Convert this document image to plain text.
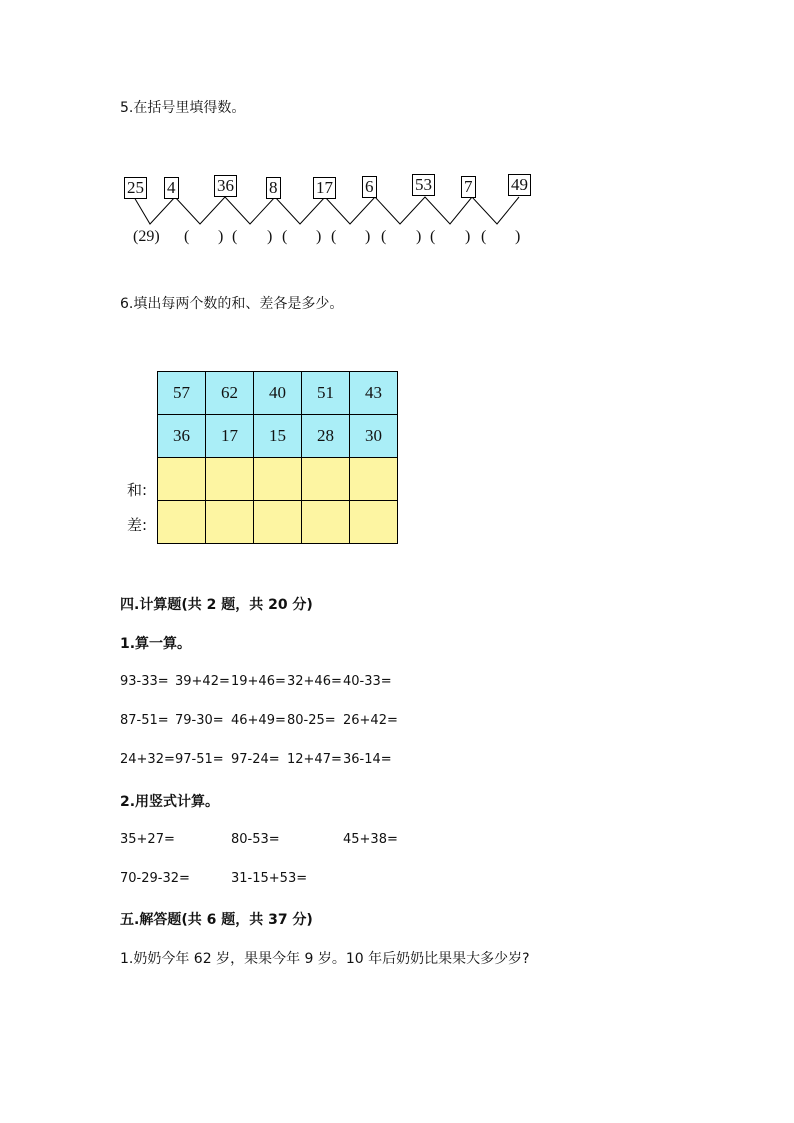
5.在括号里填得数。
25 4 36 8 17 6 53 7 49
(29) ( ) ( ) ( ) ( ) ( ) ( ) ( )
6.填出每两个数的和、差各是多少。
57	62	40	51	43
36	17	15	28	30

和:
差:
四.计算题(共 2 题，共 20 分)
1.算一算。
93-33= 39+42= 19+46= 32+46= 40-33=
87-51= 79-30= 46+49= 80-25= 26+42=
24+32= 97-51= 97-24= 12+47= 36-14=
2.用竖式计算。
35+27=	80-53=	45+38=
70-29-32=	31-15+53=
五.解答题(共 6 题，共 37 分)
1.奶奶今年 62 岁，果果今年 9 岁。10 年后奶奶比果果大多少岁?
